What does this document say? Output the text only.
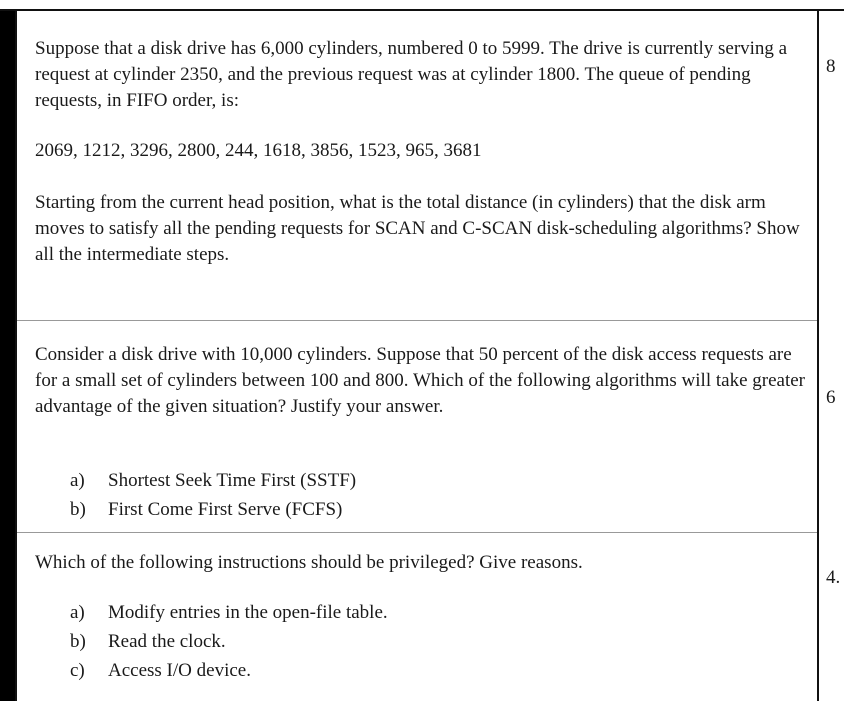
Suppose that a disk drive has 6,000 cylinders, numbered 0 to 5999. The drive is currently serving a request at cylinder 2350, and the previous request was at cylinder 1800. The queue of pending requests, in FIFO order, is:

2069, 1212, 3296, 2800, 244, 1618, 3856, 1523, 965, 3681

Starting from the current head position, what is the total distance (in cylinders) that the disk arm moves to satisfy all the pending requests for SCAN and C-SCAN disk-scheduling algorithms? Show all the intermediate steps.

8

Consider a disk drive with 10,000 cylinders. Suppose that 50 percent of the disk access requests are for a small set of cylinders between 100 and 800. Which of the following algorithms will take greater advantage of the given situation? Justify your answer.

a) Shortest Seek Time First (SSTF)
b) First Come First Serve (FCFS)
6

Which of the following instructions should be privileged? Give reasons.

a) Modify entries in the open-file table.
b) Read the clock.
c) Access I/O device.
4.
